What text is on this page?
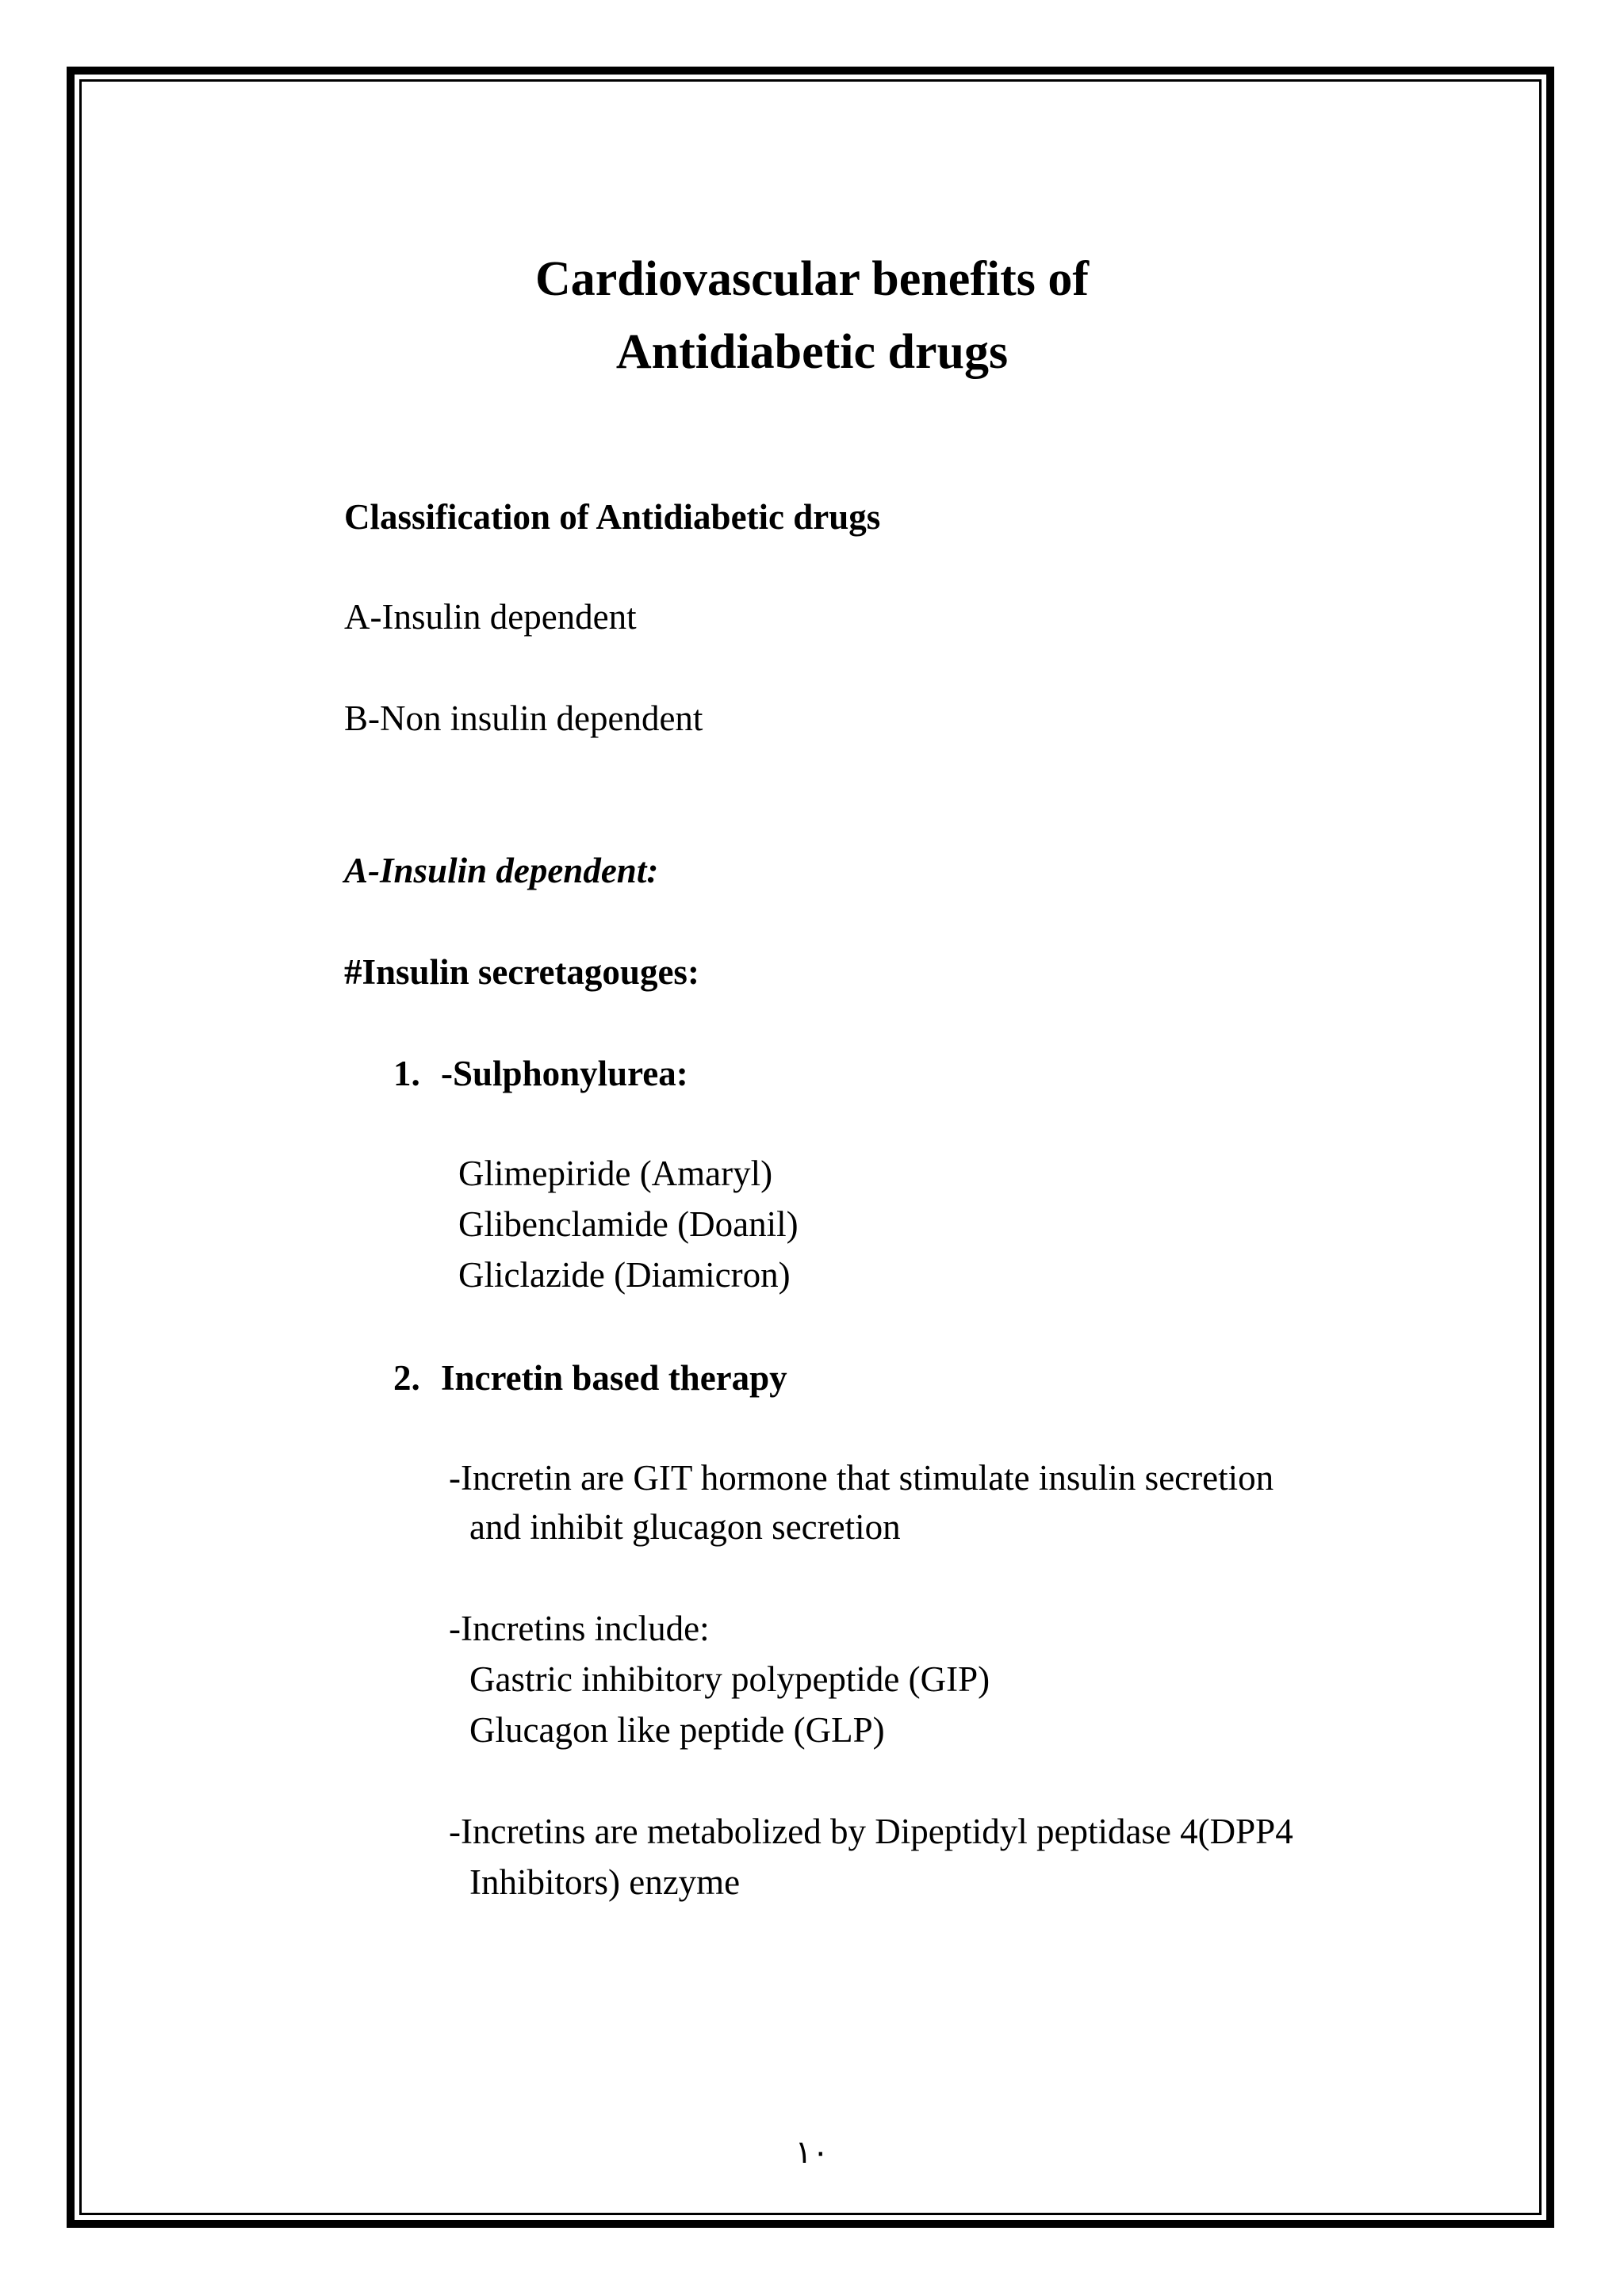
Cardiovascular benefits of
Antidiabetic drugs
Classification of Antidiabetic drugs
A-Insulin dependent
B-Non insulin dependent
A-Insulin dependent:
#Insulin secretagouges:
1. -Sulphonylurea:
Glimepiride (Amaryl)
Glibenclamide (Doanil)
Gliclazide (Diamicron)
2. Incretin based therapy
-Incretin are GIT hormone that stimulate insulin secretion
and inhibit glucagon secretion
-Incretins include:
Gastric inhibitory polypeptide (GIP)
Glucagon like peptide (GLP)
-Incretins are metabolized by Dipeptidyl peptidase 4(DPP4
Inhibitors) enzyme
١٠
